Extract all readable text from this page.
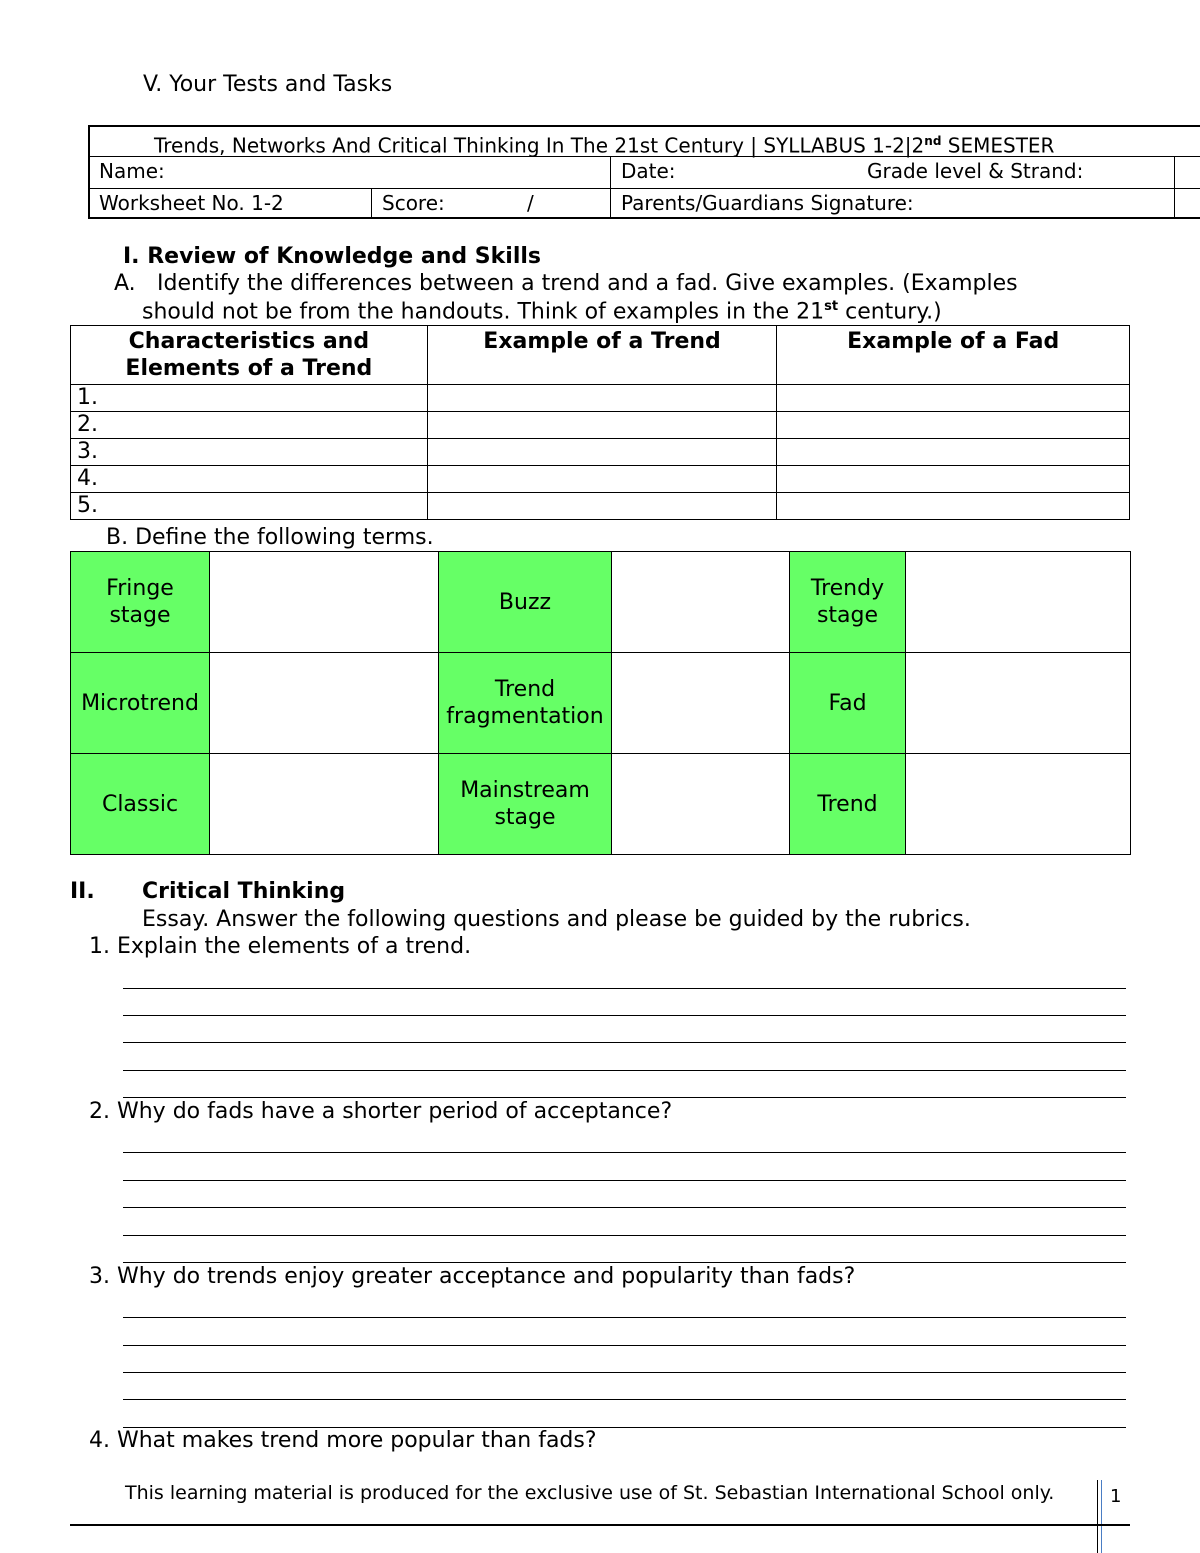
V. Your Tests and Tasks
Trends, Networks And Critical Thinking In The 21st Century | SYLLABUS 1-2|2nd SEMESTER
Name:	Date:	Grade level & Strand:
Worksheet No. 1-2	Score:	/	Parents/Guardians Signature:
I. Review of Knowledge and Skills
A. Identify the differences between a trend and a fad. Give examples. (Examples
should not be from the handouts. Think of examples in the 21st century.)
Characteristics and Elements of a Trend	Example of a Trend	Example of a Fad
1.		
2.		
3.		
4.		
5.		
B. Define the following terms.
Fringe stage		Buzz		Trendy stage	
Microtrend		Trend fragmentation		Fad	
Classic		Mainstream stage		Trend	
II. Critical Thinking
Essay. Answer the following questions and please be guided by the rubrics.
1. Explain the elements of a trend.
2. Why do fads have a shorter period of acceptance?
3. Why do trends enjoy greater acceptance and popularity than fads?
4. What makes trend more popular than fads?
This learning material is produced for the exclusive use of St. Sebastian International School only.	1
